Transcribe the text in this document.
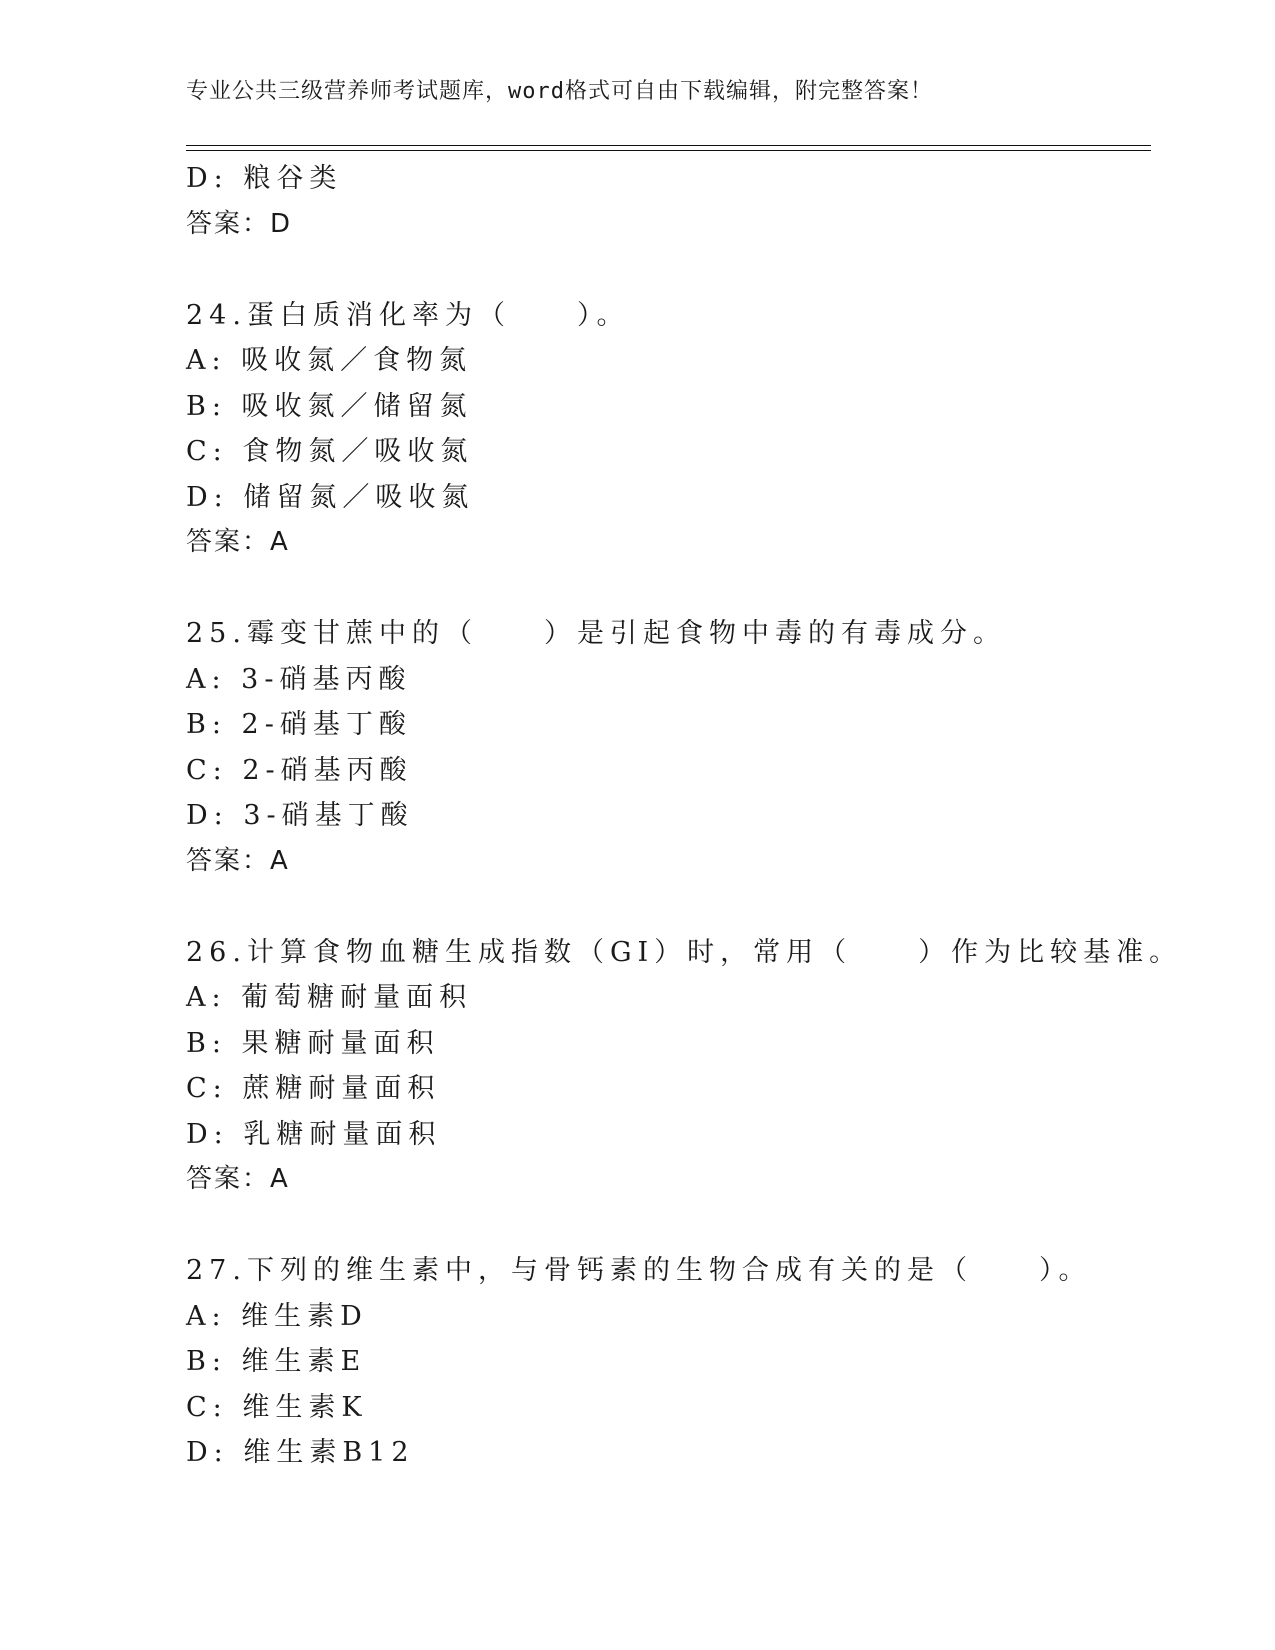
专业公共三级营养师考试题库，word格式可自由下载编辑，附完整答案！
D: 粮谷类
答案：D
24.蛋白质消化率为（　　）。
A: 吸收氮／食物氮
B: 吸收氮／储留氮
C: 食物氮／吸收氮
D: 储留氮／吸收氮
答案：A
25.霉变甘蔗中的（　　）是引起食物中毒的有毒成分。
A: 3-硝基丙酸
B: 2-硝基丁酸
C: 2-硝基丙酸
D: 3-硝基丁酸
答案：A
26.计算食物血糖生成指数（GI）时，常用（　　）作为比较基准。
A: 葡萄糖耐量面积
B: 果糖耐量面积
C: 蔗糖耐量面积
D: 乳糖耐量面积
答案：A
27.下列的维生素中，与骨钙素的生物合成有关的是（　　）。
A: 维生素D
B: 维生素E
C: 维生素K
D: 维生素B12
